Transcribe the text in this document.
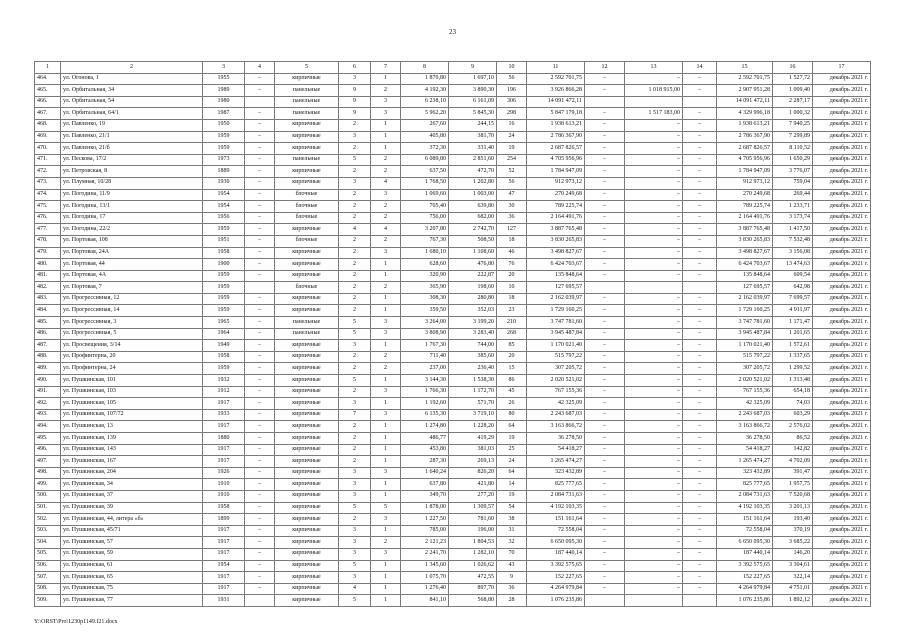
23
1	2	3	4	5	6	7	8	9	10	11	12	13	14	15	16	17
464.	ул. Огонова, 1	1955	–	кирпичные	3	1	1 870,80	1 697,10	56	2 592 701,75	–	–	–	2 592 701,75	1 527,72	декабрь 2021 г.
465.	ул. Орбитальная, 34	1989	–	панельные	9	2	4 192,30	3 890,30	196	3 926 866,28	–	1 018 915,00	–	2 907 951,28	1 009,40	декабрь 2021 г.
466.	ул. Орбитальная, 54	1980		панельные	9	3	6 238,10	6 161,09	306	14 091 472,11				14 091 472,11	2 287,17	декабрь 2021 г.
467.	ул. Орбитальная, 64/1	1987	–	панельные	9	3	5 962,20	5 845,30	298	5 847 179,18	–	1 517 183,00	–	4 329 996,18	1 000,32	декабрь 2021 г.
468.	ул. Павленко, 19	1950	–	кирпичные	2	1	267,60	244,15	16	1 938 613,21	–	–	–	1 938 613,21	7 940,25	декабрь 2021 г.
469.	ул. Павленко, 21/1	1959	–	кирпичные	3	1	405,80	381,70	24	2 786 367,90	–	–	–	2 786 367,90	7 299,89	декабрь 2021 г.
470.	ул. Павленко, 21/б	1959	–	кирпичные	2	1	372,30	331,40	19	2 687 826,57	–	–	–	2 687 826,57	8 110,52	декабрь 2021 г.
471.	ул. Пескова, 17/2	1973	–	панельные	5	2	6 089,80	2 851,60	254	4 705 956,96	–	–	–	4 705 956,96	1 650,29	декабрь 2021 г.
472.	ул. Петровская, 8	1889	–	кирпичные	2	2	637,50	472,70	52	1 784 947,09	–	–	–	1 784 947,09	3 776,07	декабрь 2021 г.
473.	ул. Плумная, 10/28	1930	–	кирпичные	3	4	1 768,50	1 202,80	56	912 973,12	–	–	–	912 973,12	759,04	декабрь 2021 г.
474.	ул. Погодина, 11/9	1954	–	блочные	2	3	1 069,60	1 003,00	47	270 249,68	–	–	–	270 249,68	269,44	декабрь 2021 г.
475.	ул. Погодина, 13/1	1954	–	блочные	2	2	705,40	639,80	30	789 225,74	–	–	–	789 225,74	1 233,71	декабрь 2021 г.
476.	ул. Погодина, 17	1956	–	блочные	2	2	756,00	682,00	36	2 164 491,76	–	–	–	2 164 491,76	3 173,74	декабрь 2021 г.
477.	ул. Погодина, 22/2	1959	–	кирпичные	4	4	3 207,80	2 742,70	127	3 887 765,48	–	–	–	3 887 765,48	1 417,50	декабрь 2021 г.
478.	ул. Портовая, 108	1951	–	блочные	2	2	767,30	508,50	18	3 830 265,83	–	–	–	3 830 265,83	7 532,48	декабрь 2021 г.
479.	ул. Портовая, 24А	1958	–	кирпичные	2	3	1 680,10	1 108,60	46	3 498 827,67	–	–	–	3 498 827,67	3 156,08	декабрь 2021 г.
480.	ул. Портовая, 44	1900	–	кирпичные	2	1	628,60	476,80	76	6 424 703,67	–	–	–	6 424 703,67	13 474,63	декабрь 2021 г.
481.	ул. Портовая, 4А	1959	–	кирпичные	2	1	320,90	222,87	20	135 848,64	–	–	–	135 848,64	609,54	декабрь 2021 г.
482.	ул. Портовая, 7	1959		блочные	2	2	365,90	198,60	10	127 695,57				127 695,57	642,98	декабрь 2021 г.
483.	ул. Прогрессивная, 12	1959	–	кирпичные	2	1	308,30	280,80	18	2 162 039,97	–	–	–	2 162 039,97	7 699,57	декабрь 2021 г.
484.	ул. Прогрессивная, 14	1959	–	кирпичные	2	1	359,50	352,03	23	1 729 160,25	–	–	–	1 729 160,25	4 911,97	декабрь 2021 г.
485.	ул. Прогрессивная, 3	1965	–	панельные	5	3	3 264,00	3 199,20	210	3 747 781,60	–	–	–	3 747 781,60	1 171,47	декабрь 2021 г.
486.	ул. Прогрессивная, 5	1964	–	панельные	5	3	3 808,90	3 283,40	268	3 945 487,84	–	–	–	3 945 487,84	1 201,65	декабрь 2021 г.
487.	ул. Просвещения, 3/14	1949	–	кирпичные	3	1	1 767,30	744,00	85	1 170 021,40	–	–	–	1 170 021,40	1 572,61	декабрь 2021 г.
488.	ул. Профинтерна, 20	1958	–	кирпичные	2	2	711,40	385,60	20	515 797,22	–	–	–	515 797,22	1 337,65	декабрь 2021 г.
489.	ул. Профинтерна, 24	1959	–	кирпичные	2	2	237,00	236,40	15	307 205,72	–	–	–	307 205,72	1 299,52	декабрь 2021 г.
490.	ул. Пушкинская, 101	1932	–	кирпичные	5	1	3 144,30	1 538,30	86	2 020 521,02	–	–	–	2 020 521,02	1 313,48	декабрь 2021 г.
491.	ул. Пушкинская, 103	1912	–	кирпичные	2	3	1 766,30	1 172,70	45	767 155,36	–	–	–	767 155,36	654,18	декабрь 2021 г.
492.	ул. Пушкинская, 105	1917	–	кирпичные	3	1	1 192,60	571,70	26	42 325,09	–	–	–	42 325,09	74,03	декабрь 2021 г.
493.	ул. Пушкинская, 107/72	1933	–	кирпичные	7	3	6 135,30	3 719,10	80	2 243 687,03	–	–	–	2 243 687,03	603,29	декабрь 2021 г.
494.	ул. Пушкинская, 13	1917	–	кирпичные	2	1	1 274,80	1 228,20	64	3 163 866,72	–	–	–	3 163 866,72	2 576,02	декабрь 2021 г.
495.	ул. Пушкинская, 139	1880	–	кирпичные	2	1	486,77	419,29	19	36 278,50	–	–	–	36 278,50	86,52	декабрь 2021 г.
496.	ул. Пушкинская, 143	1917	–	кирпичные	2	1	453,80	381,03	25	54 418,27	–	–	–	54 418,27	142,82	декабрь 2021 г.
497.	ул. Пушкинская, 167	1917	–	кирпичные	2	1	287,30	269,13	24	1 265 474,27	–	–	–	1 265 474,27	4 702,09	декабрь 2021 г.
498.	ул. Пушкинская, 204	1926	–	кирпичные	3	3	1 640,24	826,20	64	323 432,89	–	–	–	323 432,89	391,47	декабрь 2021 г.
499.	ул. Пушкинская, 34	1910	–	кирпичные	3	1	637,80	421,80	14	825 777,65	–	–	–	825 777,65	1 957,75	декабрь 2021 г.
500.	ул. Пушкинская, 37	1910	–	кирпичные	3	1	349,70	277,20	19	2 084 731,63	–	–	–	2 084 731,63	7 520,68	декабрь 2021 г.
501.	ул. Пушкинская, 39	1958	–	кирпичные	5	5	1 878,00	1 309,57	54	4 192 103,35	–	–	–	4 192 103,35	3 201,13	декабрь 2021 г.
502.	ул. Пушкинская, 44, литера «б»	1899	–	кирпичные	2	3	1 227,50	781,60	38	151 161,64	–	–	–	151 161,64	193,40	декабрь 2021 г.
503.	ул. Пушкинская, 45/71	1917	–	кирпичные	3	1	785,00	196,00	31	72 558,04	–	–	–	72 558,04	370,19	декабрь 2021 г.
504.	ул. Пушкинская, 57	1917	–	кирпичные	3	2	2 121,23	1 804,53	32	6 650 095,30	–	–	–	6 650 095,30	3 685,22	декабрь 2021 г.
505.	ул. Пушкинская, 59	1917	–	кирпичные	3	3	2 241,70	1 282,10	70	187 440,14	–	–	–	187 440,14	146,20	декабрь 2021 г.
506.	ул. Пушкинская, 61	1954	–	кирпичные	5	1	1 345,60	1 026,62	43	3 392 575,65	–	–	–	3 392 575,65	3 304,61	декабрь 2021 г.
507.	ул. Пушкинская, 65	1917	–	кирпичные	3	1	1 075,70	472,55	9	152 227,65	–	–	–	152 227,65	322,14	декабрь 2021 г.
508.	ул. Пушкинская, 75	1917	–	кирпичные	4	1	1 276,40	897,70	36	4 264 979,84	–	–	–	4 264 979,84	4 751,01	декабрь 2021 г.
509.	ул. Пушкинская, 77	1931		кирпичные	5	1	841,10	568,80	28	1 076 235,86				1 076 235,86	1 892,12	декабрь 2021 г.
Y:\ORST\Pro\1230p1149.f21.docx
